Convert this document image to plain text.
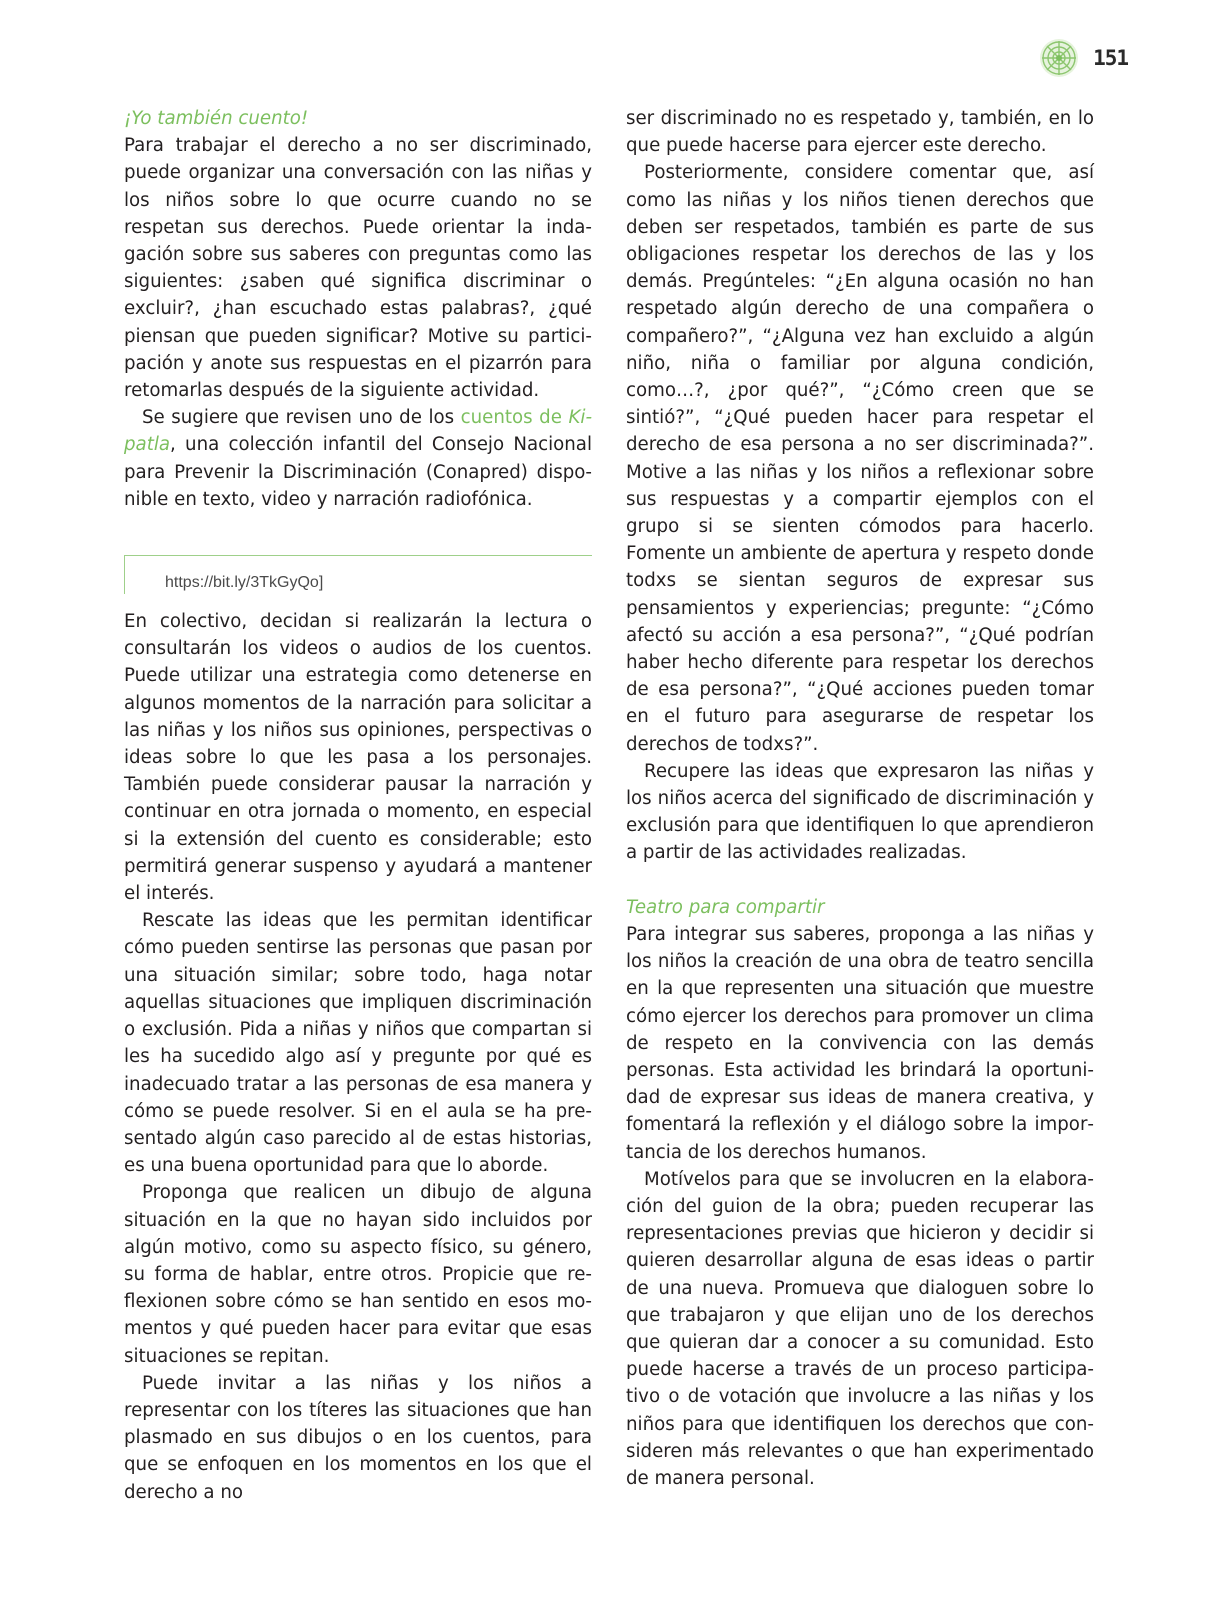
151
¡Yo también cuento!

Para trabajar el derecho a no ser discriminado, puede organizar una conversación con las niñas y los niños sobre lo que ocurre cuando no se respetan sus derechos. Puede orientar la indagación sobre sus saberes con preguntas como las siguientes: ¿saben qué significa discriminar o excluir?, ¿han escuchado estas palabras?, ¿qué piensan que pueden significar? Motive su participación y anote sus respuestas en el pizarrón para retomarlas después de la siguiente actividad.

Se sugiere que revisen uno de los cuentos de Kipatla, una colección infantil del Consejo Nacional para Prevenir la Discriminación (Conapred) disponible en texto, video y narración radiofónica.

https://bit.ly/3TkGyQo]

En colectivo, decidan si realizarán la lectura o consultarán los videos o audios de los cuentos. Puede utilizar una estrategia como detenerse en algunos momentos de la narración para solicitar a las niñas y los niños sus opiniones, perspectivas o ideas sobre lo que les pasa a los personajes. También puede considerar pausar la narración y continuar en otra jornada o momento, en especial si la extensión del cuento es considerable; esto permitirá generar suspenso y ayudará a mantener el interés.

Rescate las ideas que les permitan identificar cómo pueden sentirse las personas que pasan por una situación similar; sobre todo, haga notar aquellas situaciones que impliquen discriminación o exclusión. Pida a niñas y niños que compartan si les ha sucedido algo así y pregunte por qué es inadecuado tratar a las personas de esa manera y cómo se puede resolver. Si en el aula se ha presentado algún caso parecido al de estas historias, es una buena oportunidad para que lo aborde.

Proponga que realicen un dibujo de alguna situación en la que no hayan sido incluidos por algún motivo, como su aspecto físico, su género, su forma de hablar, entre otros. Propicie que reflexionen sobre cómo se han sentido en esos momentos y qué pueden hacer para evitar que esas situaciones se repitan.

Puede invitar a las niñas y los niños a representar con los títeres las situaciones que han plasmado en sus dibujos o en los cuentos, para que se enfoquen en los momentos en los que el derecho a no

ser discriminado no es respetado y, también, en lo que puede hacerse para ejercer este derecho.

Posteriormente, considere comentar que, así como las niñas y los niños tienen derechos que deben ser respetados, también es parte de sus obligaciones respetar los derechos de las y los demás. Pregúnteles: “¿En alguna ocasión no han respetado algún derecho de una compañera o compañero?”, “¿Alguna vez han excluido a algún niño, niña o familiar por alguna condición, como…?, ¿por qué?”, “¿Cómo creen que se sintió?”, “¿Qué pueden hacer para respetar el derecho de esa persona a no ser discriminada?”. Motive a las niñas y los niños a reflexionar sobre sus respuestas y a compartir ejemplos con el grupo si se sienten cómodos para hacerlo. Fomente un ambiente de apertura y respeto donde todxs se sientan seguros de expresar sus pensamientos y experiencias; pregunte: “¿Cómo afectó su acción a esa persona?”, “¿Qué podrían haber hecho diferente para respetar los derechos de esa persona?”, “¿Qué acciones pueden tomar en el futuro para asegurarse de respetar los derechos de todxs?”.

Recupere las ideas que expresaron las niñas y los niños acerca del significado de discriminación y exclusión para que identifiquen lo que aprendieron a partir de las actividades realizadas.

Teatro para compartir

Para integrar sus saberes, proponga a las niñas y los niños la creación de una obra de teatro sencilla en la que representen una situación que muestre cómo ejercer los derechos para promover un clima de respeto en la convivencia con las demás personas. Esta actividad les brindará la oportunidad de expresar sus ideas de manera creativa, y fomentará la reflexión y el diálogo sobre la importancia de los derechos humanos.

Motívelos para que se involucren en la elaboración del guion de la obra; pueden recuperar las representaciones previas que hicieron y decidir si quieren desarrollar alguna de esas ideas o partir de una nueva. Promueva que dialoguen sobre lo que trabajaron y que elijan uno de los derechos que quieran dar a conocer a su comunidad. Esto puede hacerse a través de un proceso participativo o de votación que involucre a las niñas y los niños para que identifiquen los derechos que consideren más relevantes o que han experimentado de manera personal.
